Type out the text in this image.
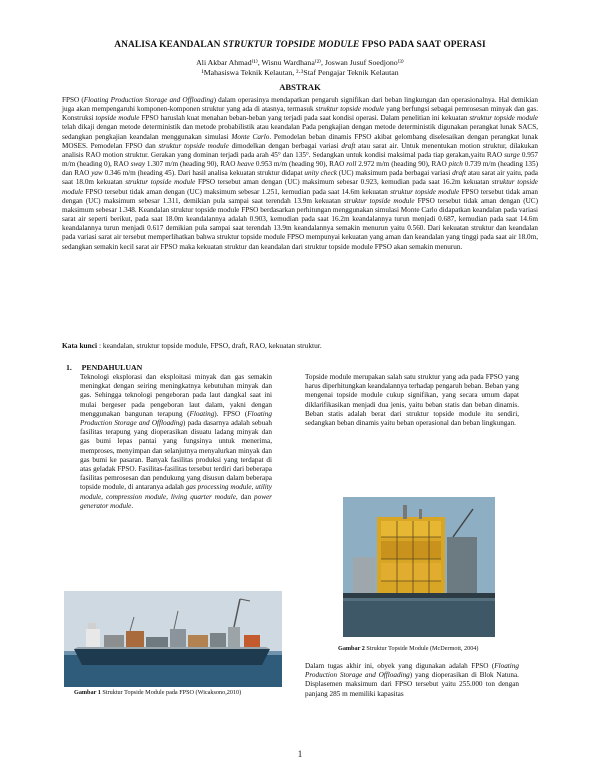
ANALISA KEANDALAN STRUKTUR TOPSIDE MODULE FPSO PADA SAAT OPERASI
Ali Akbar Ahmad⁽¹⁾, Wisnu Wardhana⁽²⁾, Joswan Jusuf Soedjono⁽³⁾
¹Mahasiswa Teknik Kelautan, ²·³Staf Pengajar Teknik Kelautan
ABSTRAK

FPSO (Floating Production Storage and Offloading) dalam operasinya mendapatkan pengaruh signifikan dari beban lingkungan dan operasionalnya. Hal demikian juga akan mempengaruhi komponen-komponen struktur yang ada di atasnya, termasuk struktur topside module yang berfungsi sebagai pemrosesan minyak dan gas. Konstruksi topside module FPSO haruslah kuat menahan beban-beban yang terjadi pada saat kondisi operasi. Dalam penelitian ini kekuatan struktur topside module telah dikaji dengan metode deterministik dan metode probabilistik atau keandalan Pada pengkajian dengan metode deterministik digunakan perangkat lunak SACS, sedangkan pengkajian keandalan menggunakan simulasi Monte Carlo. Pemodelan beban dinamis FPSO akibat gelombang diselesaikan dengan perangkat lunak MOSES. Pemodelan FPSO dan struktur topside module dimodelkan dengan berbagai variasi draft atau sarat air. Untuk menentukan motion struktur, dilakukan analisis RAO motion struktur. Gerakan yang dominan terjadi pada arah 45° dan 135°. Sedangkan untuk kondisi maksimal pada tiap gerakan,yaitu RAO surge 0.957 m/m (heading 0), RAO sway 1.307 m/m (heading 90), RAO heave 0.953 m/m (heading 90), RAO roll 2.972 m/m (heading 90), RAO pitch 0.739 m/m (heading 135) dan RAO yaw 0.346 m/m (heading 45). Dari hasil analisa kekuatan struktur didapat unity check (UC) maksimum pada berbagai variasi draft atau sarat air yaitu, pada saat 18.0m kekuatan struktur topside module FPSO tersebut aman dengan (UC) maksimum sebesar 0.923, kemudian pada saat 16.2m kekuatan struktur topside module FPSO tersebut tidak aman dengan (UC) maksimum sebesar 1.251, kemudian pada saat 14.6m kekuatan struktur topside module FPSO tersebut tidak aman dengan (UC) maksimum sebesar 1.311, demikian pula sampai saat terendah 13.9m kekuatan struktur topside module FPSO tersebut tidak aman dengan (UC) maksimum sebesar 1.348. Keandalan struktur topside module FPSO berdasarkan perhitungan menggunakan simulasi Monte Carlo didapatkan keandalan pada variasi sarat air seperti berikut, pada saat 18.0m keandalannya adalah 0.903, kemudian pada saat 16.2m keandalannya turun menjadi 0.687, kemudian pada saat 14.6m keandalannya turun menjadi 0.617 demikian pula sampai saat terendah 13.9m keandalannya semakin menurun yaitu 0.560. Dari kekuatan struktur dan keandalan pada variasi sarat air tersebut memperlihatkan bahwa struktur topside module FPSO mempunyai kekuatan yang aman dan keandalan yang tinggi pada saat air 18.0m, sedangkan semakin kecil sarat air FPSO maka kekuatan struktur dan keandalan dari struktur topside module FPSO akan semakin menurun.

Kata kunci : keandalan, struktur topside module, FPSO, draft, RAO, kekuatan struktur.

1. PENDAHULUAN

Teknologi eksplorasi dan eksploitasi minyak dan gas semakin meningkat dengan seiring meningkatnya kebutuhan minyak dan gas. Sehingga teknologi pengeboran pada laut dangkal saat ini mulai bergeser pada pengeboran laut dalam, yakni dengan menggunakan bangunan terapung (Floating). FPSO (Floating Production Storage and Offloading) pada dasarnya adalah sebuah fasilitas terapung yang dioperasikan disuatu ladang minyak dan gas bumi lepas pantai yang fungsinya untuk menerima, memproses, menyimpan dan selanjutnya menyalurkan minyak dan gas bumi ke pasaran. Banyak fasilitas produksi yang terdapat di atas geladak FPSO. Fasilitas-fasilitas tersebut terdiri dari beberapa fasilitas pemrosesan dan pendukung yang disusun dalam beberapa topside module, di antaranya adalah gas processing module, utility module, compression module, living quarter module, dan power generator module.

Topside module merupakan salah satu struktur yang ada pada FPSO yang harus diperhitungkan keandalannya terhadap pengaruh beban. Beban yang mengenai topside module cukup signifikan, yang secara umum dapat diklarifikasikan menjadi dua jenis, yaitu beban statis dan beban dinamis. Beban statis adalah berat dari struktur topside module itu sendiri, sedangkan beban dinamis yaitu beban operasional dan beban lingkungan.

Gambar 1 Struktur Topside Module pada FPSO (Wicaksono,2010)
Gambar 2 Struktur Topside Module (McDermott, 2004)

Dalam tugas akhir ini, obyek yang digunakan adalah FPSO (Floating Production Storage and Offloading) yang dioperasikan di Blok Natuna. Displasemen maksimum dari FPSO tersebut yaitu 255.000 ton dengan panjang 285 m memiliki kapasitas

1
